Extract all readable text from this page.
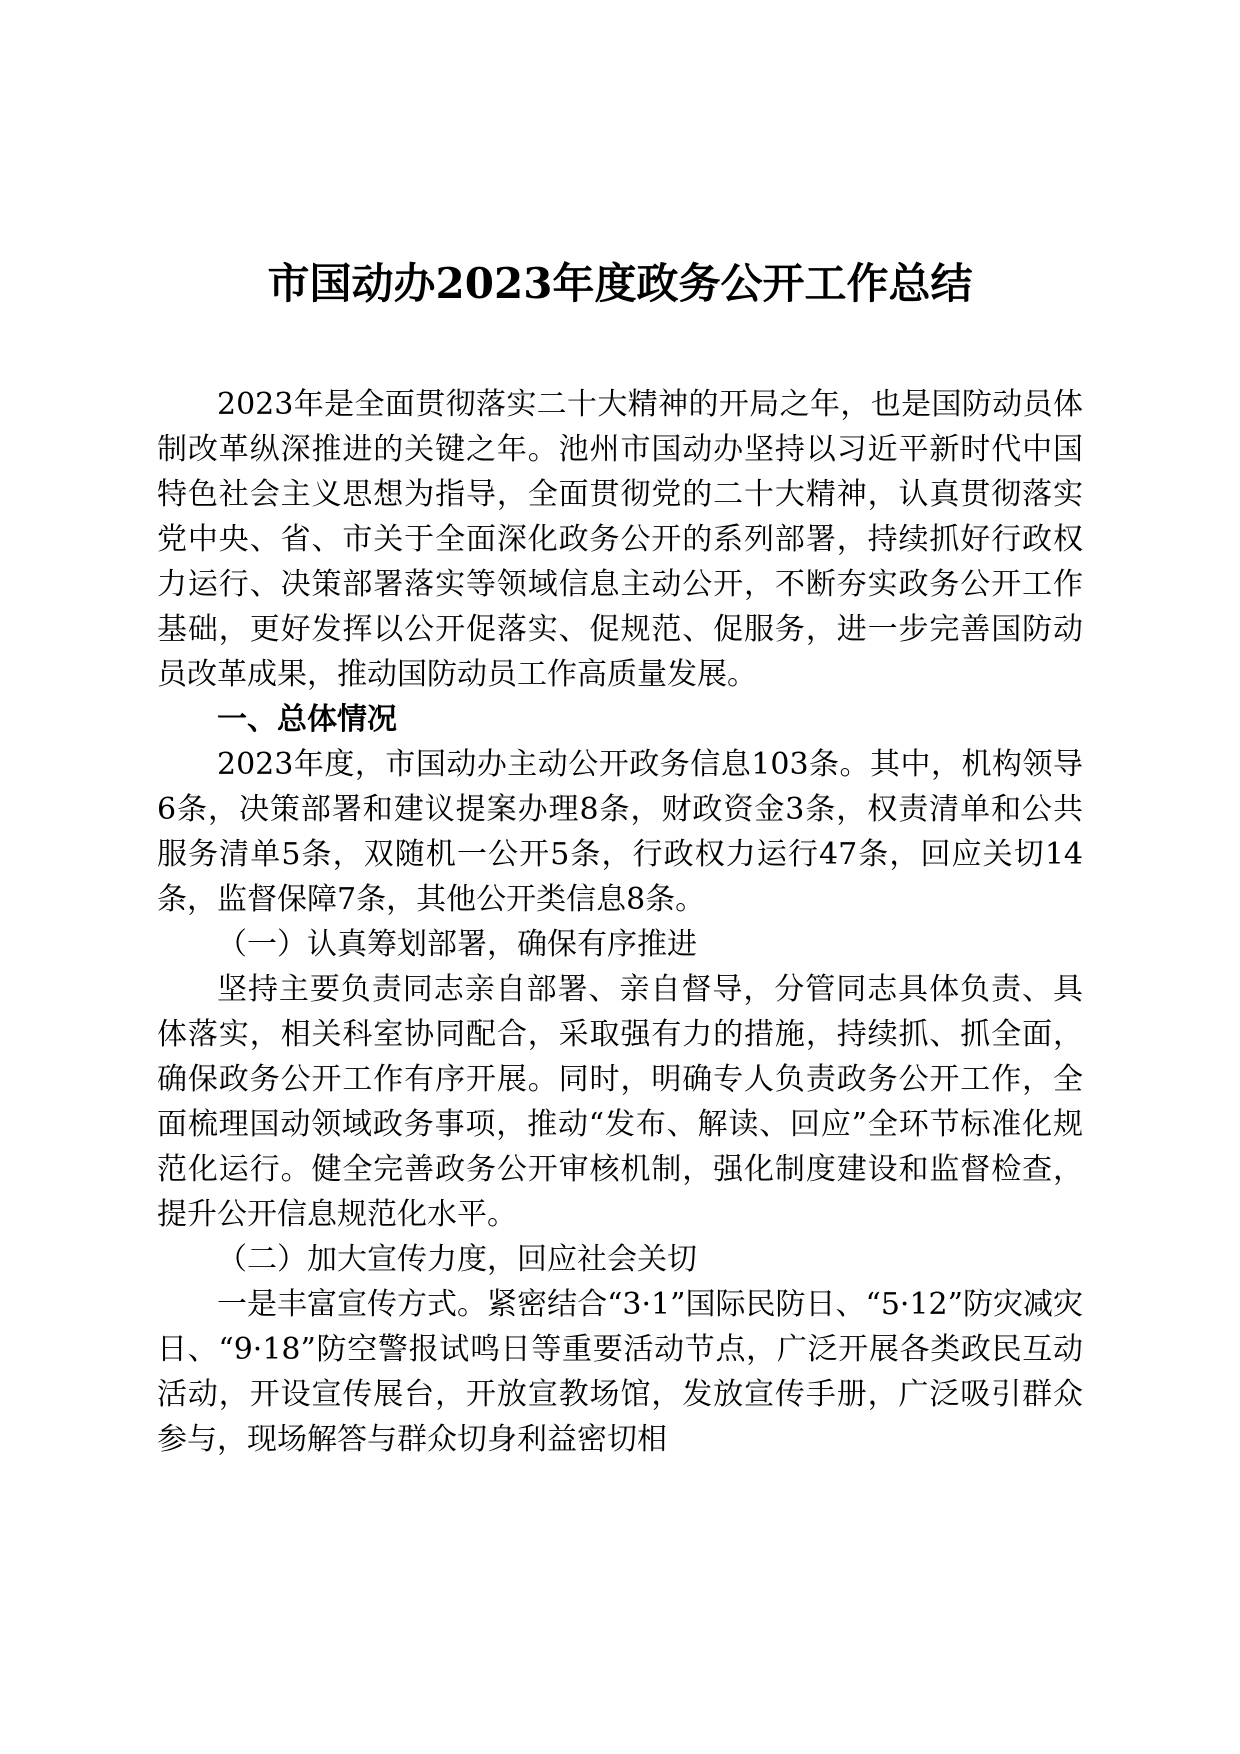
市国动办2023年度政务公开工作总结

2023年是全面贯彻落实二十大精神的开局之年，也是国防动员体制改革纵深推进的关键之年。池州市国动办坚持以习近平新时代中国特色社会主义思想为指导，全面贯彻党的二十大精神，认真贯彻落实党中央、省、市关于全面深化政务公开的系列部署，持续抓好行政权力运行、决策部署落实等领域信息主动公开，不断夯实政务公开工作基础，更好发挥以公开促落实、促规范、促服务，进一步完善国防动员改革成果，推动国防动员工作高质量发展。

一、总体情况

2023年度，市国动办主动公开政务信息103条。其中，机构领导6条，决策部署和建议提案办理8条，财政资金3条，权责清单和公共服务清单5条，双随机一公开5条，行政权力运行47条，回应关切14条，监督保障7条，其他公开类信息8条。

（一）认真筹划部署，确保有序推进

坚持主要负责同志亲自部署、亲自督导，分管同志具体负责、具体落实，相关科室协同配合，采取强有力的措施，持续抓、抓全面，确保政务公开工作有序开展。同时，明确专人负责政务公开工作，全面梳理国动领域政务事项，推动“发布、解读、回应”全环节标准化规范化运行。健全完善政务公开审核机制，强化制度建设和监督检查，提升公开信息规范化水平。

（二）加大宣传力度，回应社会关切

一是丰富宣传方式。紧密结合“3·1”国际民防日、“5·12”防灾减灾日、“9·18”防空警报试鸣日等重要活动节点，广泛开展各类政民互动活动，开设宣传展台，开放宣教场馆，发放宣传手册，广泛吸引群众参与，现场解答与群众切身利益密切相
